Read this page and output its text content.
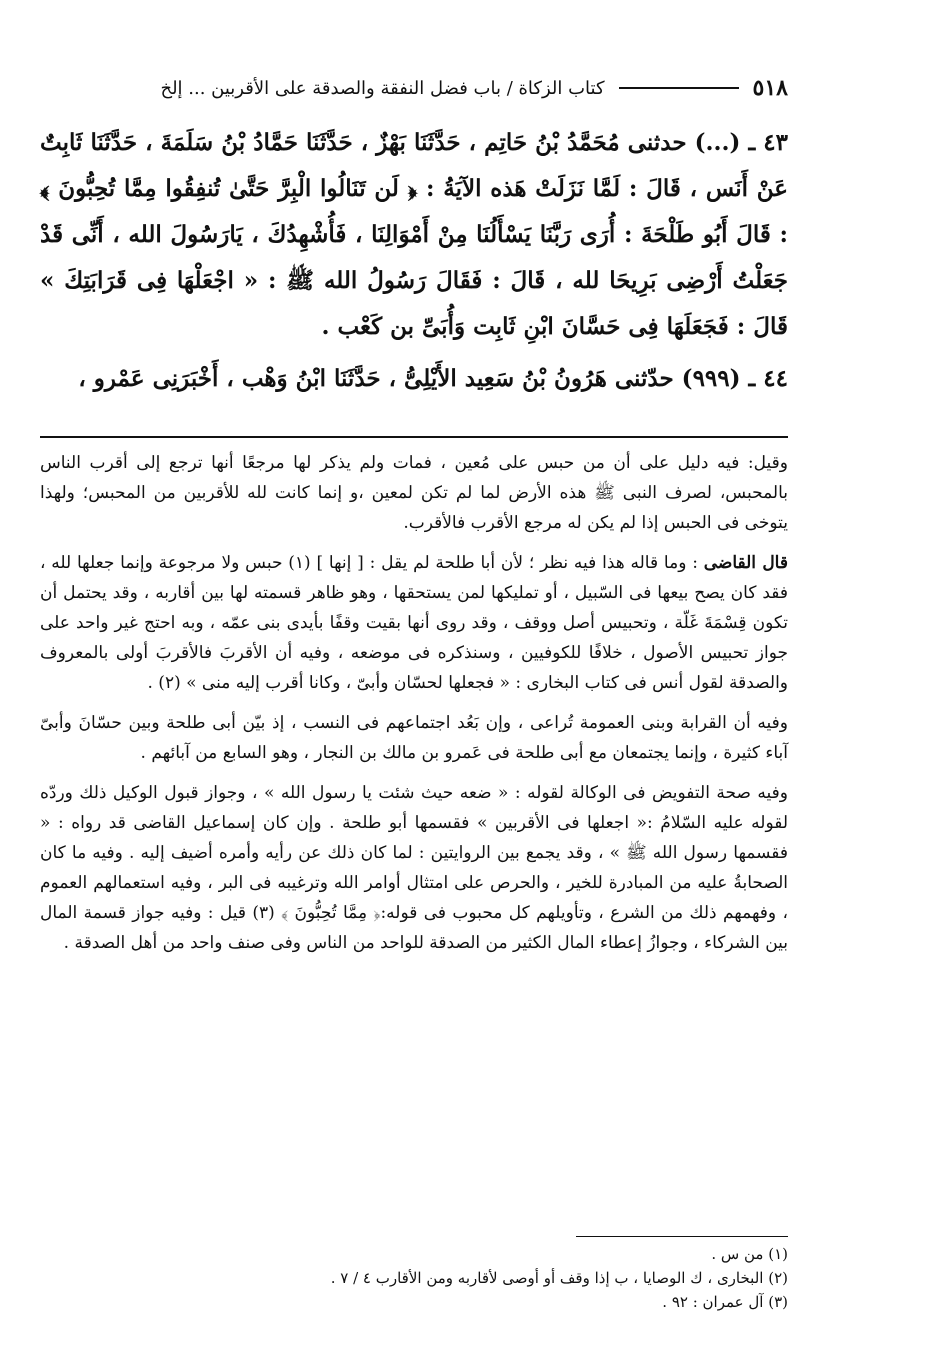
٥١٨
كتاب الزكاة / باب فضل النفقة والصدقة على الأقربين ... إلخ

٤٣ ـ (...) حدثنى مُحَمَّدُ بْنُ حَاتِم ، حَدَّثَنَا بَهْزٌ ، حَدَّثَنَا حَمَّادُ بْنُ سَلَمَةَ ، حَدَّثَنَا ثَابِتٌ عَنْ أَنَس ، قَالَ : لَمَّا نَزَلَتْ هَذه الآيَةُ : ﴿ لَن تَنَالُوا الْبِرَّ حَتَّىٰ تُنفِقُوا مِمَّا تُحِبُّونَ ﴾ : قَالَ أَبُو طَلْحَةَ : أُرَى رَبَّنَا يَسْأَلُنَا مِنْ أَمْوَالِنَا ، فَأُشْهِدُكَ ، يَارَسُولَ الله ، أَنِّى قَدْ جَعَلْتُ أَرْضِى بَرِيحَا لله ، قَالَ : فَقَالَ رَسُولُ الله ﷺ : « اجْعَلْهَا فِى قَرَابَتِكَ » قَالَ : فَجَعَلَهَا فِى حَسَّانَ ابْنِ ثَابِت وَأُبَىِّ بن كَعْب .

٤٤ ـ (٩٩٩) حدّثنى هَرُونُ بْنُ سَعِيد الأَيْلِىُّ ، حَدَّثَنَا ابْنُ وَهْب ، أَخْبَرَنِى عَمْرو ،

وقيل: فيه دليل على أن من حبس على مُعين ، فمات ولم يذكر لها مرجعًا أنها ترجع إلى أقرب الناس بالمحبس، لصرف النبى ﷺ هذه الأرض لما لم تكن لمعين ،و إنما كانت لله للأقربين من المحبس؛ ولهذا يتوخى فى الحبس إذا لم يكن له مرجع الأقرب فالأقرب.

قال القاضى : وما قاله هذا فيه نظر ؛ لأن أبا طلحة لم يقل : [ إنها ] (١) حبس ولا مرجوعة وإنما جعلها لله ، فقد كان يصح بيعها فى السّبيل ، أو تمليكها لمن يستحقها ، وهو ظاهر قسمته لها بين أقاربه ، وقد يحتمل أن تكون قِسْمَةَ غَلّة ، وتحبيس أصل ووقف ، وقد روى أنها بقيت وقفًا بأيدى بنى عمّه ، وبه احتج غير واحد على جواز تحبيس الأصول ، خلافًا للكوفيين ، وسنذكره فى موضعه ، وفيه أن الأقربَ فالأقربَ أولى بالمعروف والصدقة لقول أنس فى كتاب البخارى : « فجعلها لحسّان وأبىّ ، وكانا أقرب إليه منى » (٢) .

وفيه أن القرابة وبنى العمومة تُراعى ، وإن بَعُد اجتماعهم فى النسب ، إذ بيّن أبى طلحة وبين حسّانَ وأبىّ آباء كثيرة ، وإنما يجتمعان مع أبى طلحة فى عَمرو بن مالك بن النجار ، وهو السابع من آبائهم .

وفيه صحة التفويض فى الوكالة لقوله : « ضعه حيث شئت يا رسول الله » ، وجواز قبول الوكيل ذلك وردّه لقوله عليه السّلامُ :« اجعلها فى الأقربين » فقسمها أبو طلحة . وإن كان إسماعيل القاضى قد رواه : « فقسمها رسول الله ﷺ » ، وقد يجمع بين الروايتين : لما كان ذلك عن رأيه وأمره أضيف إليه . وفيه ما كان الصحابةُ عليه من المبادرة للخير ، والحرص على امتثال أوامر الله وترغيبه فى البر ، وفيه استعمالهم العموم ، وفهمهم ذلك من الشرع ، وتأويلهم كل محبوب فى قوله:﴿ مِمَّا تُحِبُّونَ ﴾ (٣) قيل : وفيه جواز قسمة المال بين الشركاء ، وجوازُ إعطاء المال الكثير من الصدقة للواحد من الناس وفى صنف واحد من أهل الصدقة .

(١) من س .

(٢) البخارى ، ك الوصايا ، ب إذا وقف أو أوصى لأقاربه ومن الأقارب ٤ / ٧ .

(٣) آل عمران : ٩٢ .
